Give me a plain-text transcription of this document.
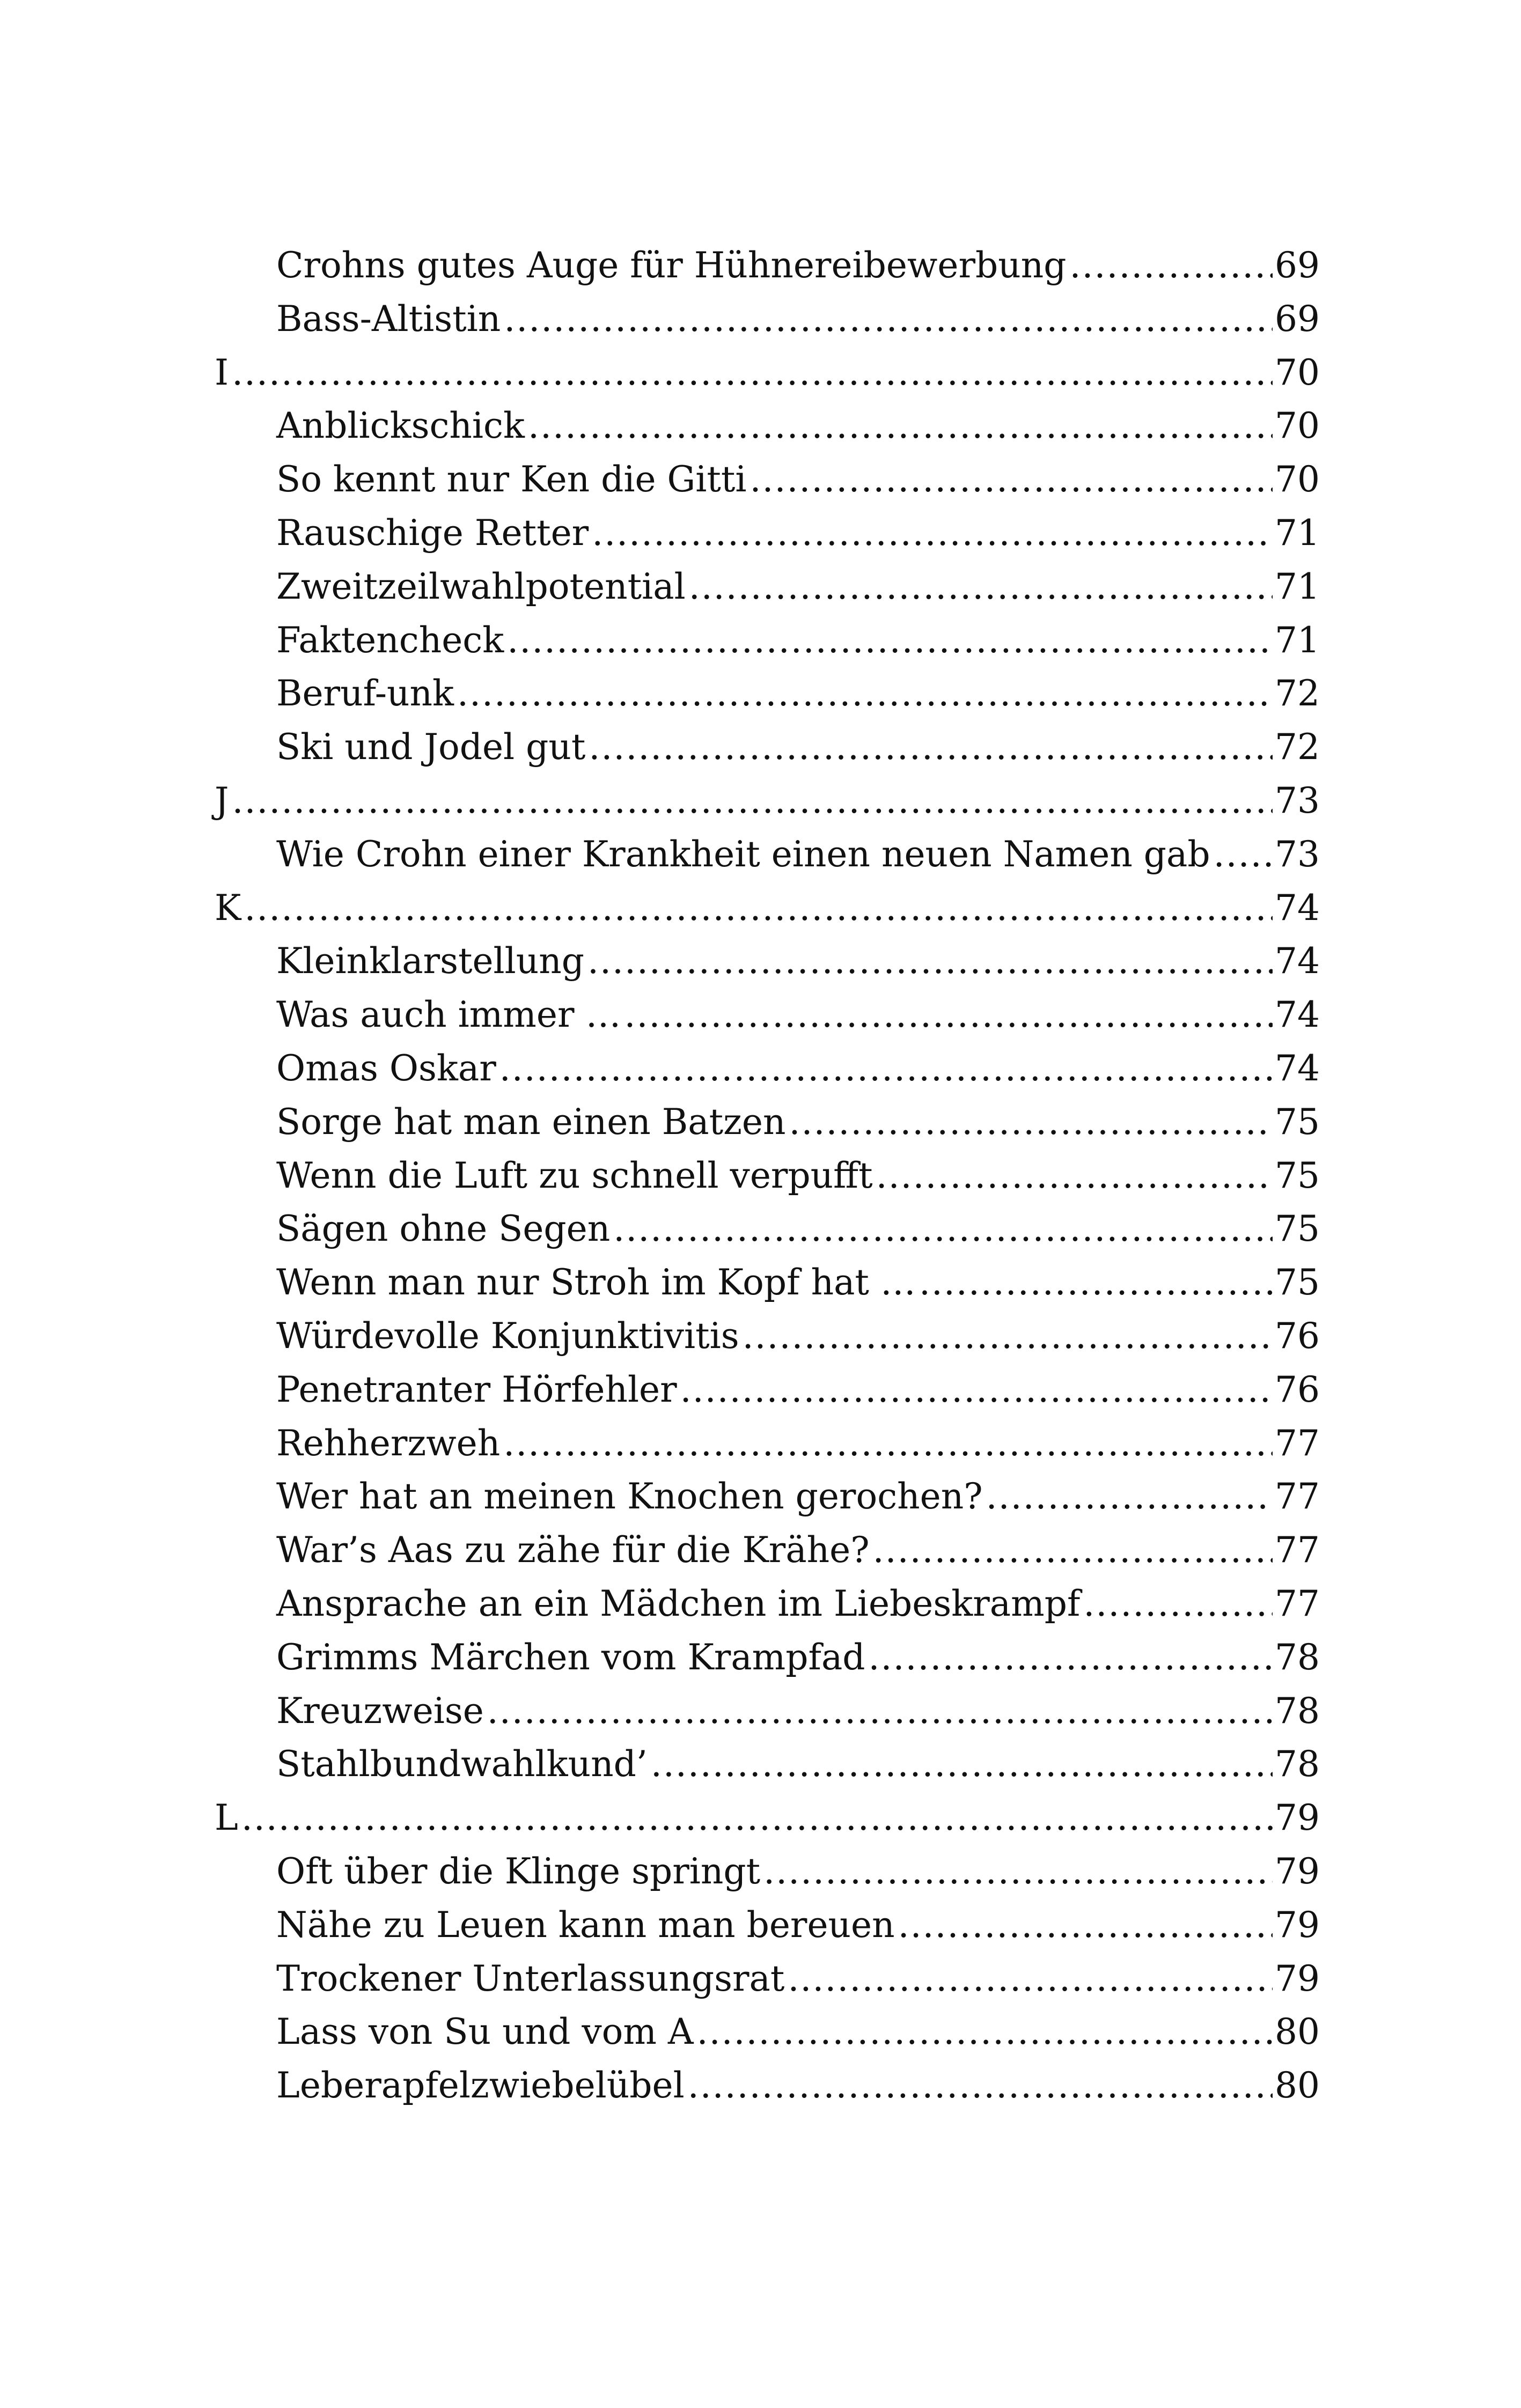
Crohns gutes Auge für Hühnereibewerbung .....	69
Bass-Altistin .....	69
I .....	70
Anblickschick .....	70
So kennt nur Ken die Gitti .....	70
Rauschige Retter .....	71
Zweitzeilwahlpotential .....	71
Faktencheck .....	71
Beruf-unk .....	72
Ski und Jodel gut .....	72
J .....	73
Wie Crohn einer Krankheit einen neuen Namen gab ..... 73
K .....	74
Kleinklarstellung .....	74
Was auch immer … .....	74
Omas Oskar .....	74
Sorge hat man einen Batzen .....	75
Wenn die Luft zu schnell verpufft .....	75
Sägen ohne Segen .....	75
Wenn man nur Stroh im Kopf hat … .....	75
Würdevolle Konjunktivitis .....	76
Penetranter Hörfehler .....	76
Rehherzweh .....	77
Wer hat an meinen Knochen gerochen? .....	77
War’s Aas zu zähe für die Krähe? .....	77
Ansprache an ein Mädchen im Liebeskrampf .....	77
Grimms Märchen vom Krampfad .....	78
Kreuzweise .....	78
Stahlbundwahlkund’ .....	78
L .....	79
Oft über die Klinge springt .....	79
Nähe zu Leuen kann man bereuen .....	79
Trockener Unterlassungsrat .....	79
Lass von Su und vom A .....	80
Leberapfelzwiebelübel .....	80
